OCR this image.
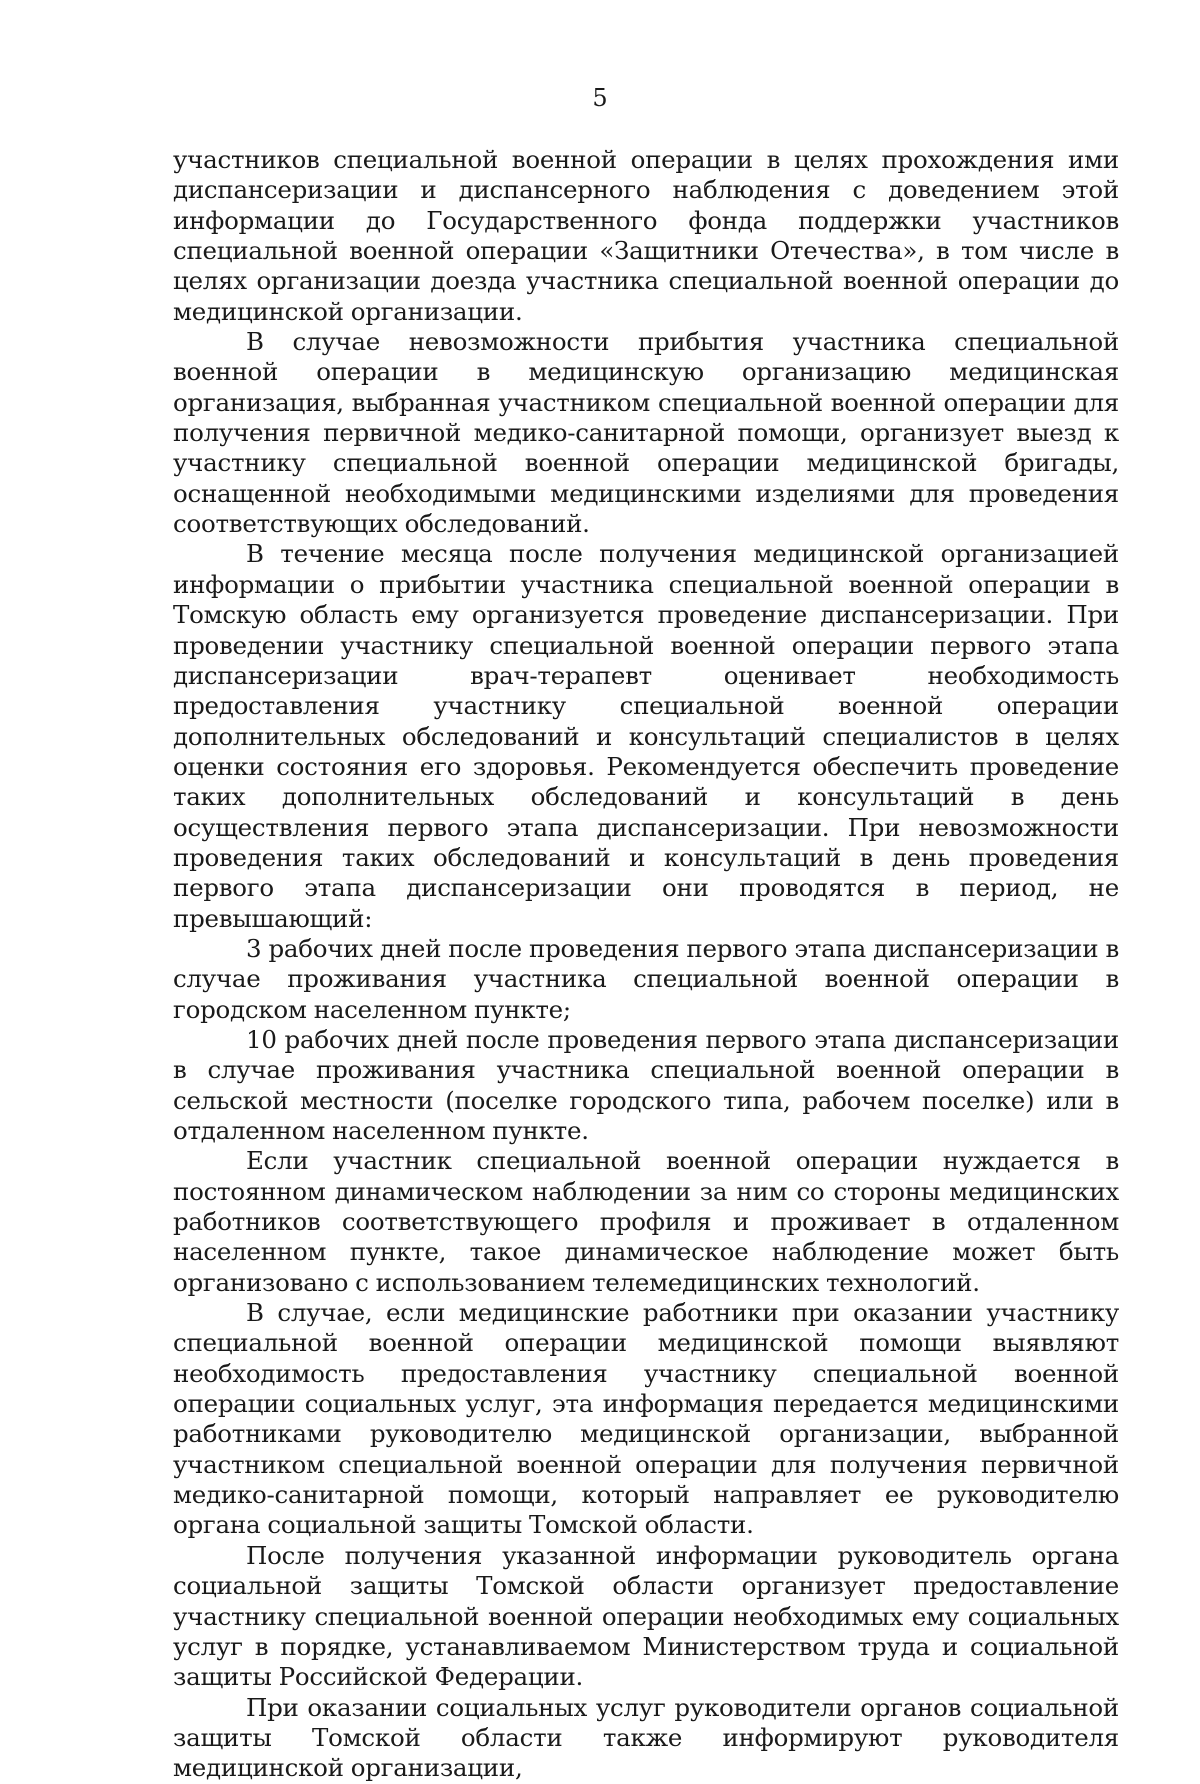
5

участников специальной военной операции в целях прохождения ими диспансеризации и диспансерного наблюдения с доведением этой информации до Государственного фонда поддержки участников специальной военной операции «Защитники Отечества», в том числе в целях организации доезда участника специальной военной операции до медицинской организации.

В случае невозможности прибытия участника специальной военной операции в медицинскую организацию медицинская организация, выбранная участником специальной военной операции для получения первичной медико-санитарной помощи, организует выезд к участнику специальной военной операции медицинской бригады, оснащенной необходимыми медицинскими изделиями для проведения соответствующих обследований.

В течение месяца после получения медицинской организацией информации о прибытии участника специальной военной операции в Томскую область ему организуется проведение диспансеризации. При проведении участнику специальной военной операции первого этапа диспансеризации врач-терапевт оценивает необходимость предоставления участнику специальной военной операции дополнительных обследований и консультаций специалистов в целях оценки состояния его здоровья. Рекомендуется обеспечить проведение таких дополнительных обследований и консультаций в день осуществления первого этапа диспансеризации. При невозможности проведения таких обследований и консультаций в день проведения первого этапа диспансеризации они проводятся в период, не превышающий:

3 рабочих дней после проведения первого этапа диспансеризации в случае проживания участника специальной военной операции в городском населенном пункте;

10 рабочих дней после проведения первого этапа диспансеризации в случае проживания участника специальной военной операции в сельской местности (поселке городского типа, рабочем поселке) или в отдаленном населенном пункте.

Если участник специальной военной операции нуждается в постоянном динамическом наблюдении за ним со стороны медицинских работников соответствующего профиля и проживает в отдаленном населенном пункте, такое динамическое наблюдение может быть организовано с использованием телемедицинских технологий.

В случае, если медицинские работники при оказании участнику специальной военной операции медицинской помощи выявляют необходимость предоставления участнику специальной военной операции социальных услуг, эта информация передается медицинскими работниками руководителю медицинской организации, выбранной участником специальной военной операции для получения первичной медико-санитарной помощи, который направляет ее руководителю органа социальной защиты Томской области.

После получения указанной информации руководитель органа социальной защиты Томской области организует предоставление участнику специальной военной операции необходимых ему социальных услуг в порядке, устанавливаемом Министерством труда и социальной защиты Российской Федерации.

При оказании социальных услуг руководители органов социальной защиты Томской области также информируют руководителя медицинской организации,
